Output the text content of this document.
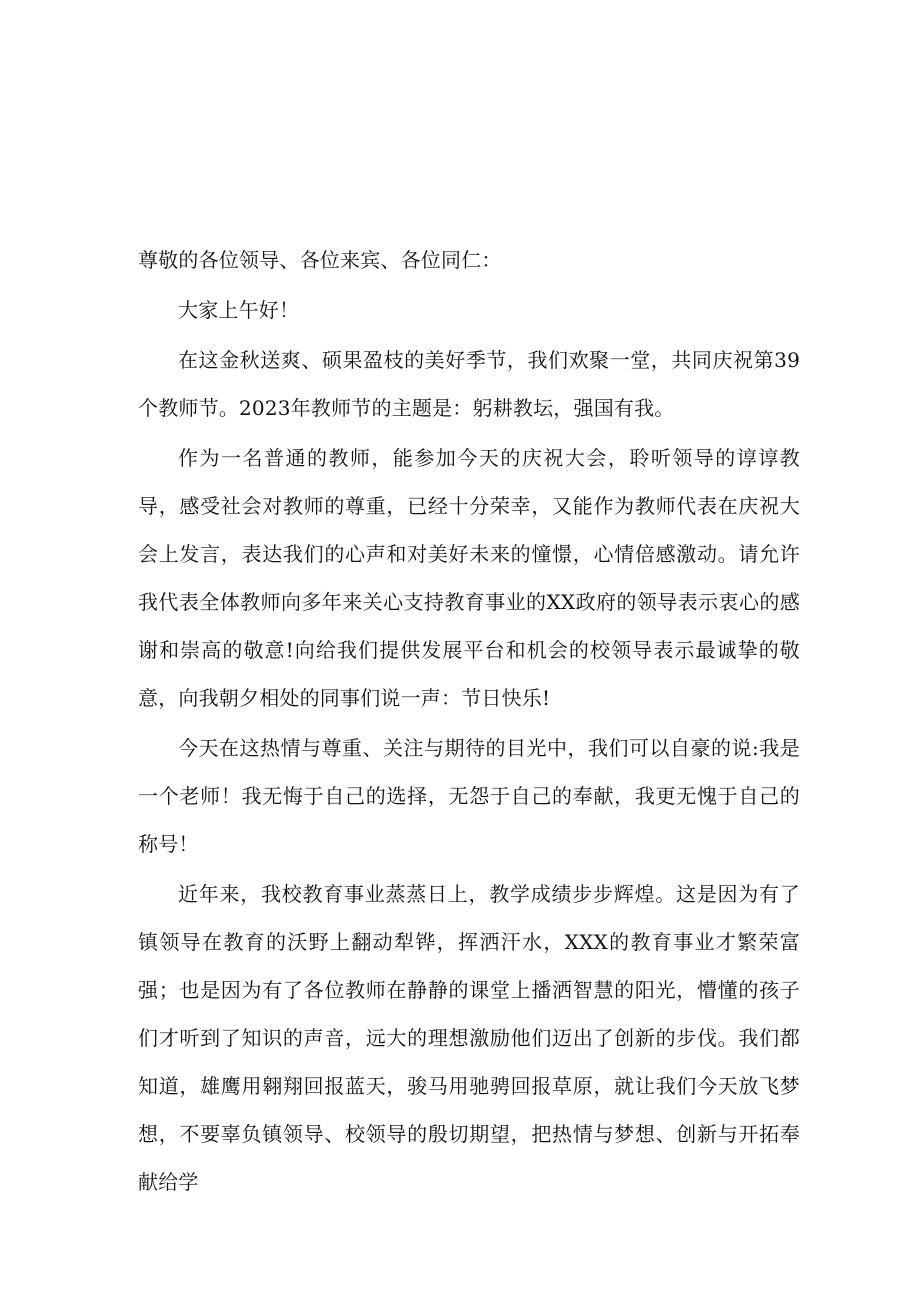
尊敬的各位领导、各位来宾、各位同仁：

大家上午好！

在这金秋送爽、硕果盈枝的美好季节，我们欢聚一堂，共同庆祝第39个教师节。2023年教师节的主题是：躬耕教坛，强国有我。

作为一名普通的教师，能参加今天的庆祝大会，聆听领导的谆谆教导，感受社会对教师的尊重，已经十分荣幸，又能作为教师代表在庆祝大会上发言，表达我们的心声和对美好未来的憧憬，心情倍感激动。请允许我代表全体教师向多年来关心支持教育事业的XX政府的领导表示衷心的感谢和崇高的敬意!向给我们提供发展平台和机会的校领导表示最诚挚的敬意，向我朝夕相处的同事们说一声：节日快乐!

今天在这热情与尊重、关注与期待的目光中，我们可以自豪的说:我是一个老师！我无悔于自己的选择，无怨于自己的奉献，我更无愧于自己的称号！

近年来，我校教育事业蒸蒸日上，教学成绩步步辉煌。这是因为有了镇领导在教育的沃野上翻动犁铧，挥洒汗水，XXX的教育事业才繁荣富强；也是因为有了各位教师在静静的课堂上播洒智慧的阳光，懵懂的孩子们才听到了知识的声音，远大的理想激励他们迈出了创新的步伐。我们都知道，雄鹰用翱翔回报蓝天，骏马用驰骋回报草原，就让我们今天放飞梦想，不要辜负镇领导、校领导的殷切期望，把热情与梦想、创新与开拓奉献给学
